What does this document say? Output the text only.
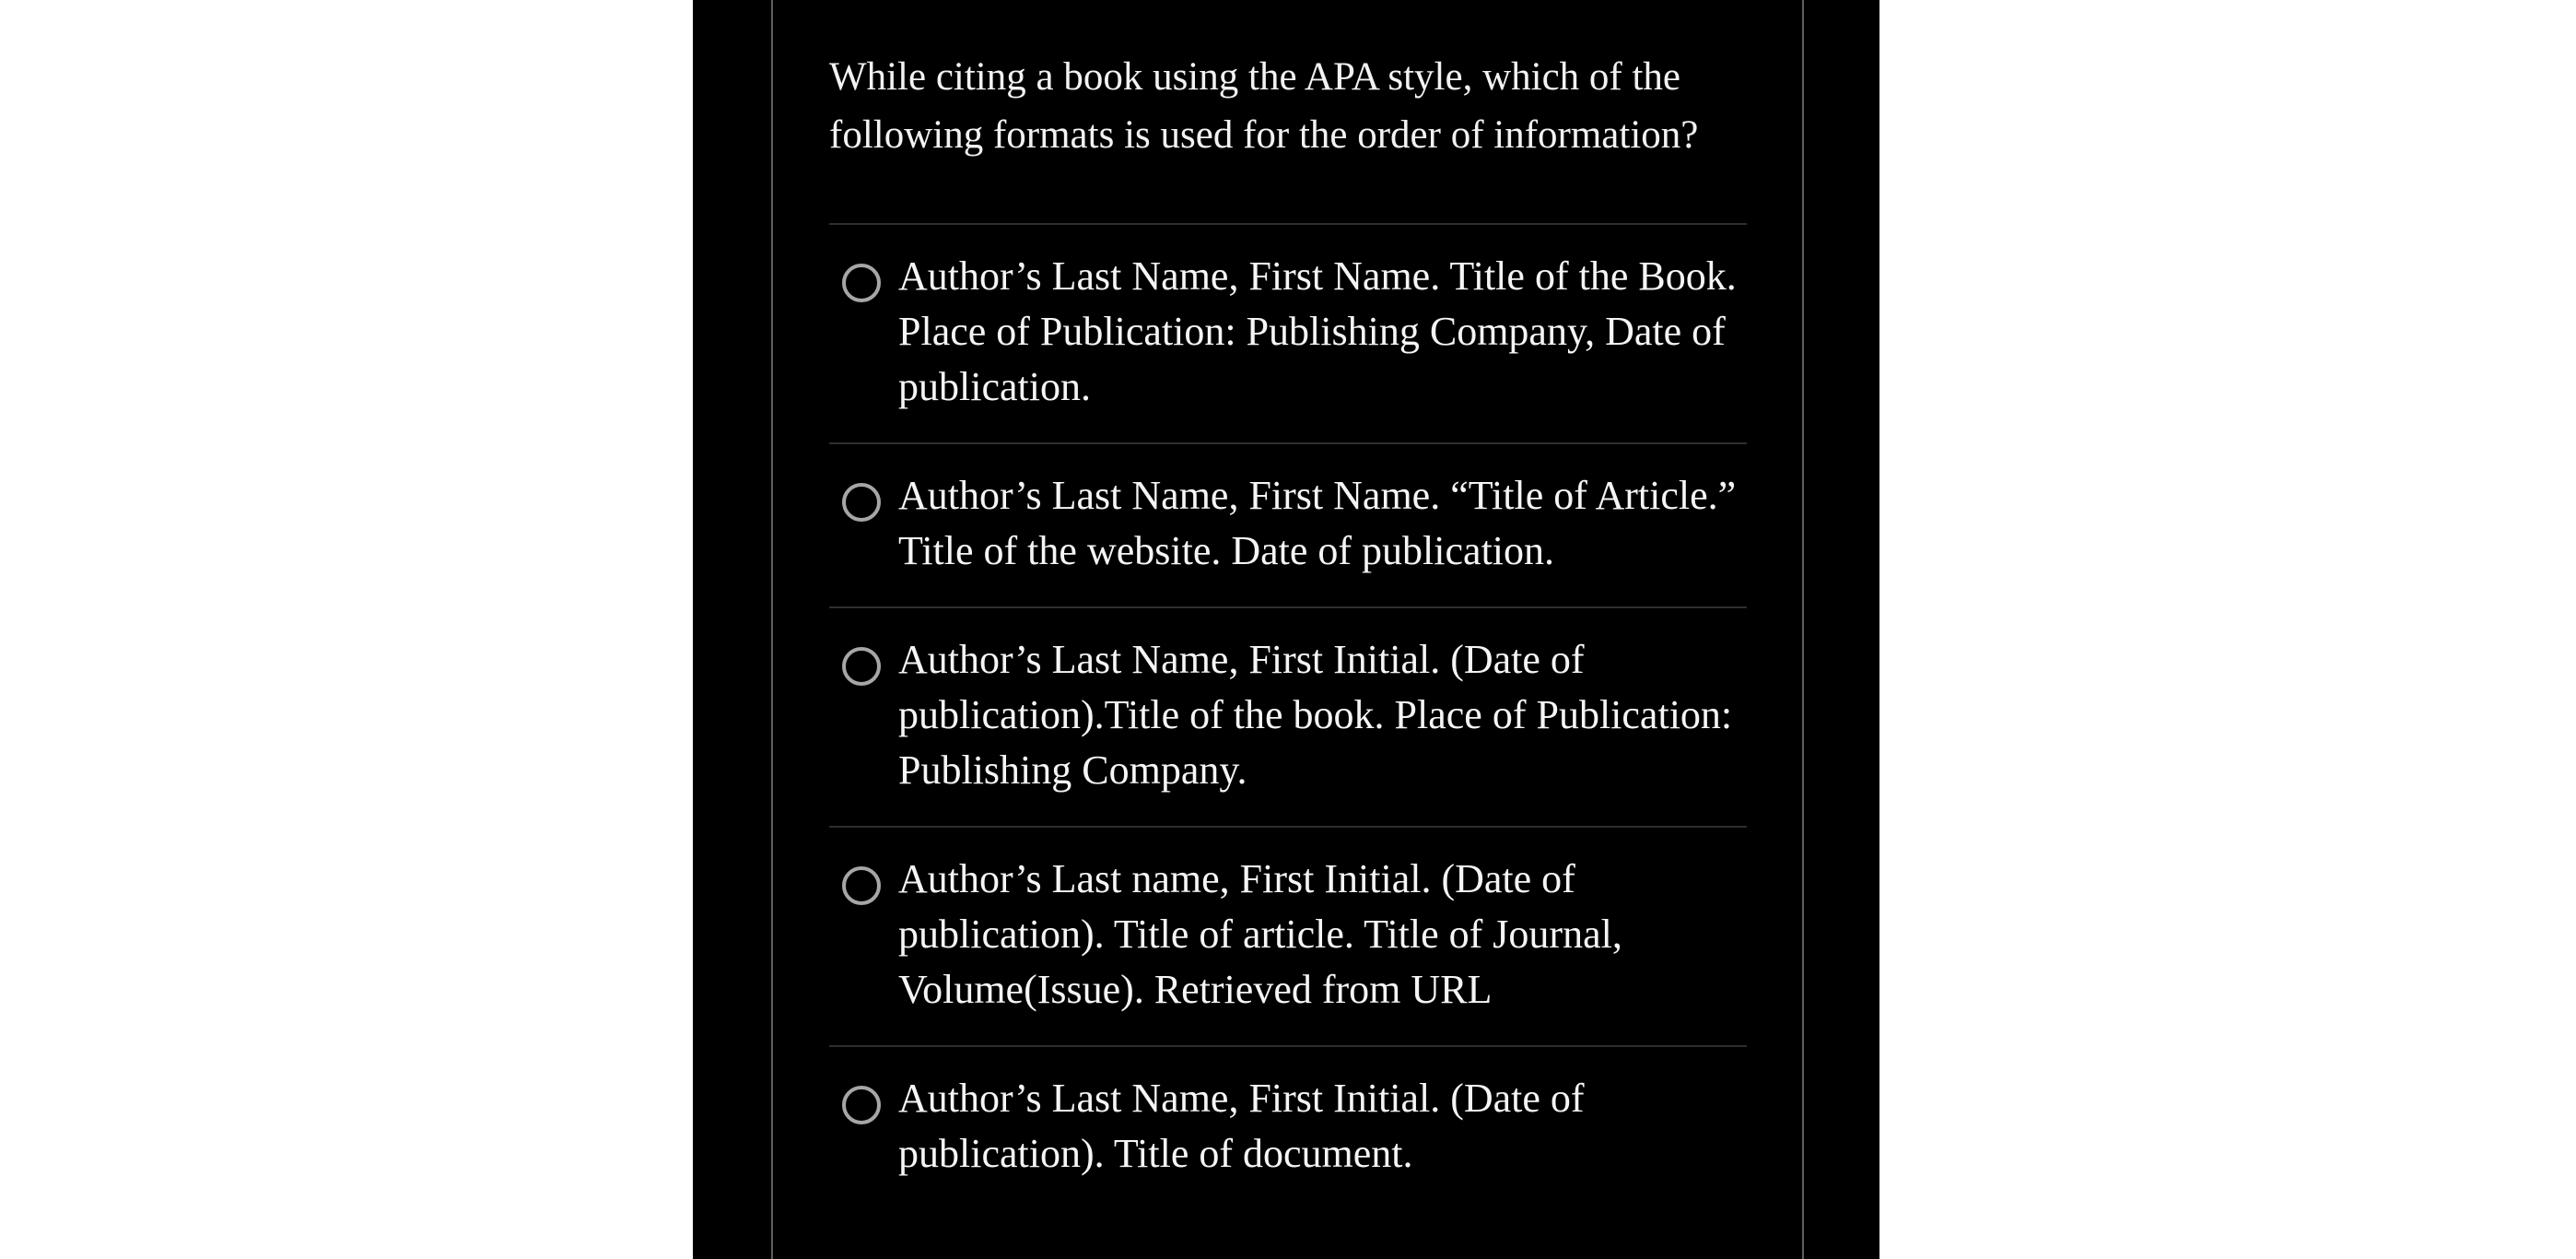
While citing a book using the APA style, which of the following formats is used for the order of information?
Author’s Last Name, First Name. Title of the Book. Place of Publication: Publishing Company, Date of publication.
Author’s Last Name, First Name. “Title of Article.” Title of the website. Date of publication.
Author’s Last Name, First Initial. (Date of publication).Title of the book. Place of Publication: Publishing Company.
Author’s Last name, First Initial. (Date of publication). Title of article. Title of Journal, Volume(Issue). Retrieved from URL
Author’s Last Name, First Initial. (Date of publication). Title of document.
